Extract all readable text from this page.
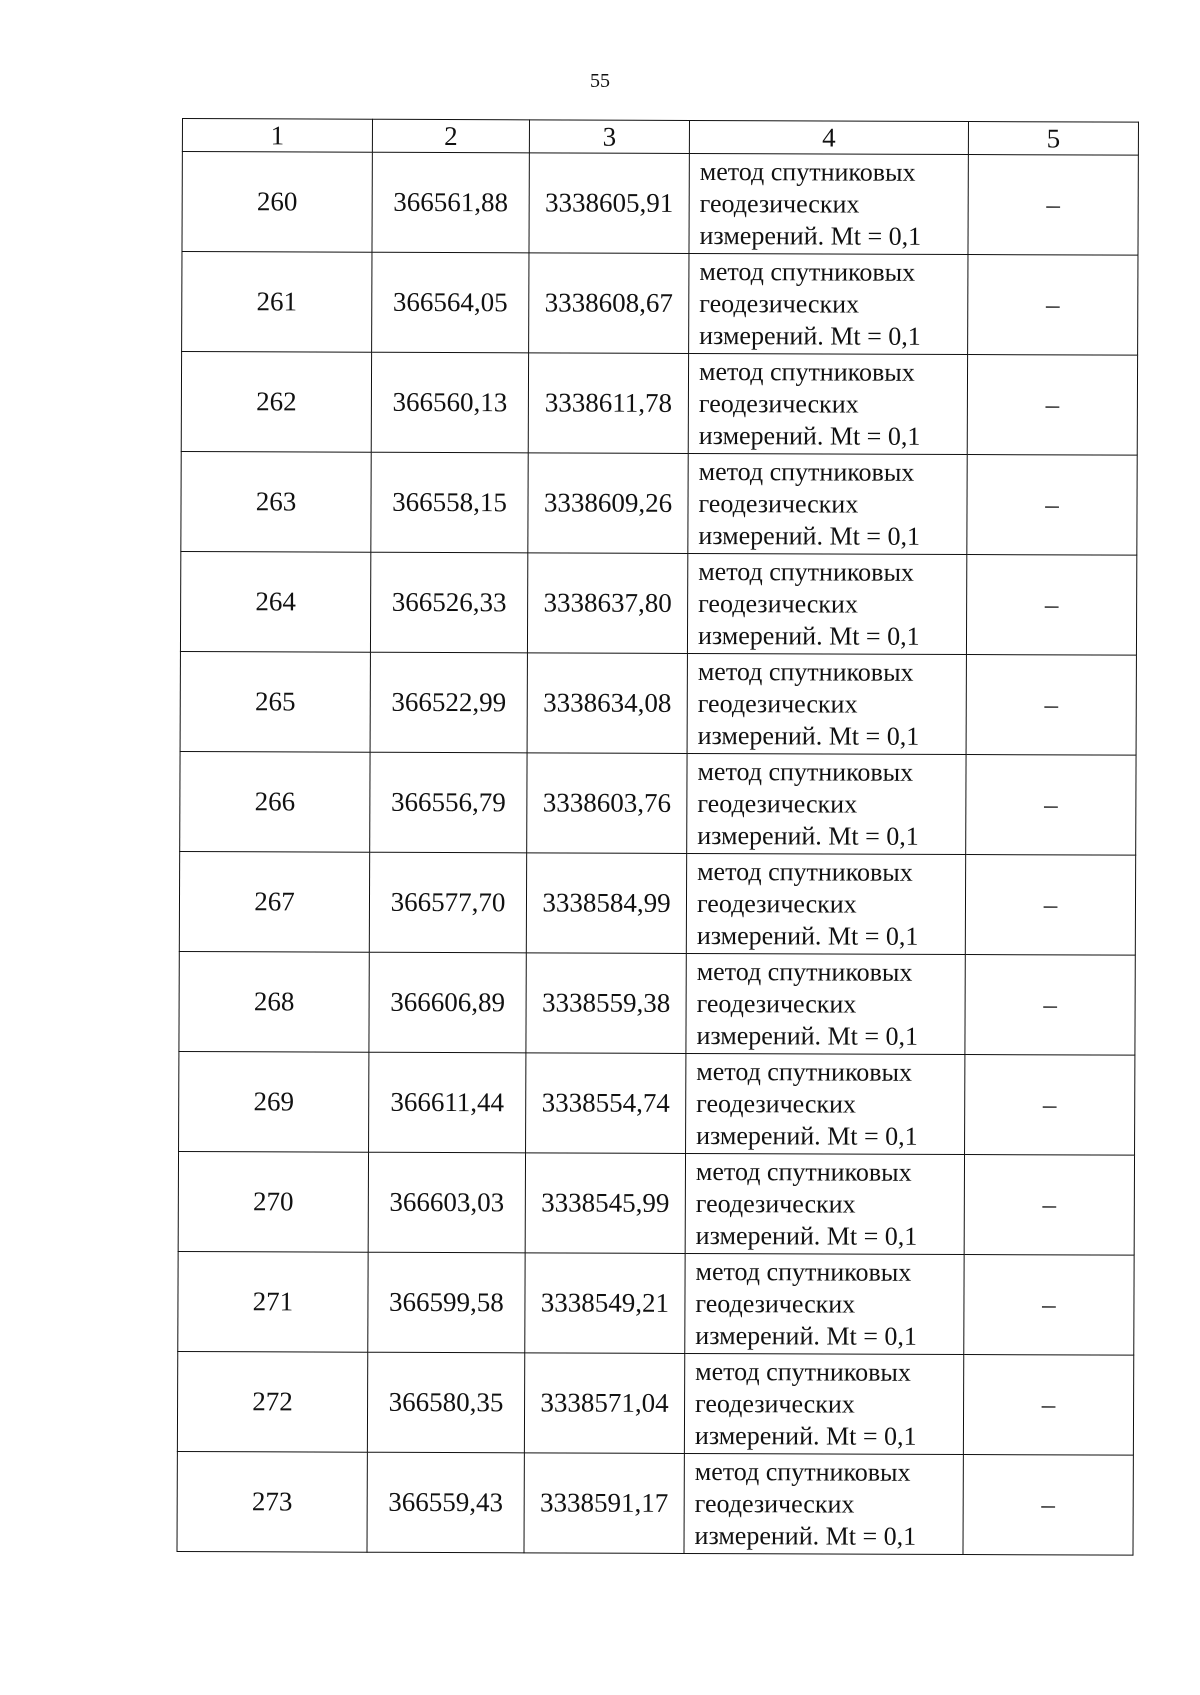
55
1	2	3	4	5
260	366561,88	3338605,91	метод спутниковых
геодезических
измерений. Mt = 0,1	–
261	366564,05	3338608,67	метод спутниковых
геодезических
измерений. Mt = 0,1	–
262	366560,13	3338611,78	метод спутниковых
геодезических
измерений. Mt = 0,1	–
263	366558,15	3338609,26	метод спутниковых
геодезических
измерений. Mt = 0,1	–
264	366526,33	3338637,80	метод спутниковых
геодезических
измерений. Mt = 0,1	–
265	366522,99	3338634,08	метод спутниковых
геодезических
измерений. Mt = 0,1	–
266	366556,79	3338603,76	метод спутниковых
геодезических
измерений. Mt = 0,1	–
267	366577,70	3338584,99	метод спутниковых
геодезических
измерений. Mt = 0,1	–
268	366606,89	3338559,38	метод спутниковых
геодезических
измерений. Mt = 0,1	–
269	366611,44	3338554,74	метод спутниковых
геодезических
измерений. Mt = 0,1	–
270	366603,03	3338545,99	метод спутниковых
геодезических
измерений. Mt = 0,1	–
271	366599,58	3338549,21	метод спутниковых
геодезических
измерений. Mt = 0,1	–
272	366580,35	3338571,04	метод спутниковых
геодезических
измерений. Mt = 0,1	–
273	366559,43	3338591,17	метод спутниковых
геодезических
измерений. Mt = 0,1	–
